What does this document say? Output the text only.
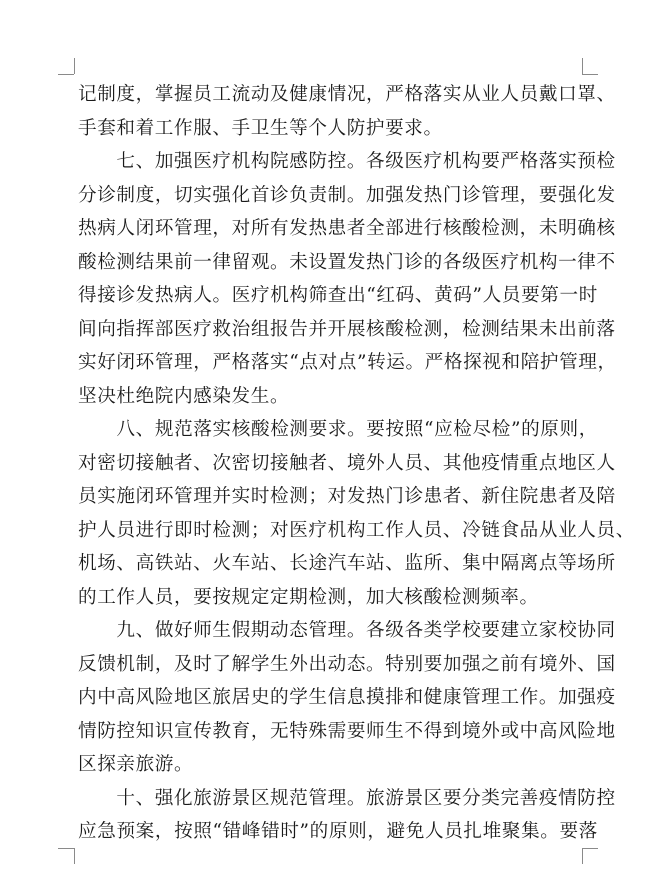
记 制 度 ， 掌 握 员 工 流 动 及 健 康 情 况 ， 严 格 落 实 从 业 人 员 戴 口 罩 、
手套和着工作服、手卫生等个人防护要求。

七 、 加 强 医 疗 机 构 院 感 防 控 。 各 级 医 疗 机 构 要 严 格 落 实 预 检
分 诊 制 度 ， 切 实 强 化 首 诊 负 责 制 。 加 强 发 热 门 诊 管 理 ， 要 强 化 发
热 病 人 闭 环 管 理 ， 对 所 有 发 热 患 者 全 部 进 行 核 酸 检 测 ， 未 明 确 核
酸 检 测 结 果 前 一 律 留 观 。 未 设 置 发 热 门 诊 的 各 级 医 疗 机 构 一 律 不
得 接 诊 发 热 病 人 。 医 疗 机 构 筛 查 出 “ 红 码 、 黄 码 ” 人 员 要 第 一 时
间 向 指 挥 部 医 疗 救 治 组 报 告 并 开 展 核 酸 检 测 ， 检 测 结 果 未 出 前 落
实 好 闭 环 管 理 ， 严 格 落 实 “ 点 对 点 ” 转 运 。 严 格 探 视 和 陪 护 管 理 ，
坚决杜绝院内感染发生。

八 、 规 范 落 实 核 酸 检 测 要 求 。 要 按 照 “ 应 检 尽 检 ” 的 原 则 ，
对 密 切 接 触 者 、 次 密 切 接 触 者 、 境 外 人 员 、 其 他 疫 情 重 点 地 区 人
员 实 施 闭 环 管 理 并 实 时 检 测 ； 对 发 热 门 诊 患 者 、 新 住 院 患 者 及 陪
护 人 员 进 行 即 时 检 测 ； 对 医 疗 机 构 工 作 人 员 、 冷 链 食 品 从 业 人 员 、
机 场 、 高 铁 站 、 火 车 站 、 长 途 汽 车 站 、 监 所 、 集 中 隔 离 点 等 场 所
的工作人员，要按规定定期检测，加大核酸检测频率。

九 、 做 好 师 生 假 期 动 态 管 理 。 各 级 各 类 学 校 要 建 立 家 校 协 同
反 馈 机 制 ， 及 时 了 解 学 生 外 出 动 态 。 特 别 要 加 强 之 前 有 境 外 、 国
内 中 高 风 险 地 区 旅 居 史 的 学 生 信 息 摸 排 和 健 康 管 理 工 作 。 加 强 疫
情 防 控 知 识 宣 传 教 育 ， 无 特 殊 需 要 师 生 不 得 到 境 外 或 中 高 风 险 地
区探亲旅游。

十 、 强 化 旅 游 景 区 规 范 管 理 。 旅 游 景 区 要 分 类 完 善 疫 情 防 控
应 急 预 案 ， 按 照 “ 错 峰 错 时 ” 的 原 则 ， 避 免 人 员 扎 堆 聚 集 。 要 落
